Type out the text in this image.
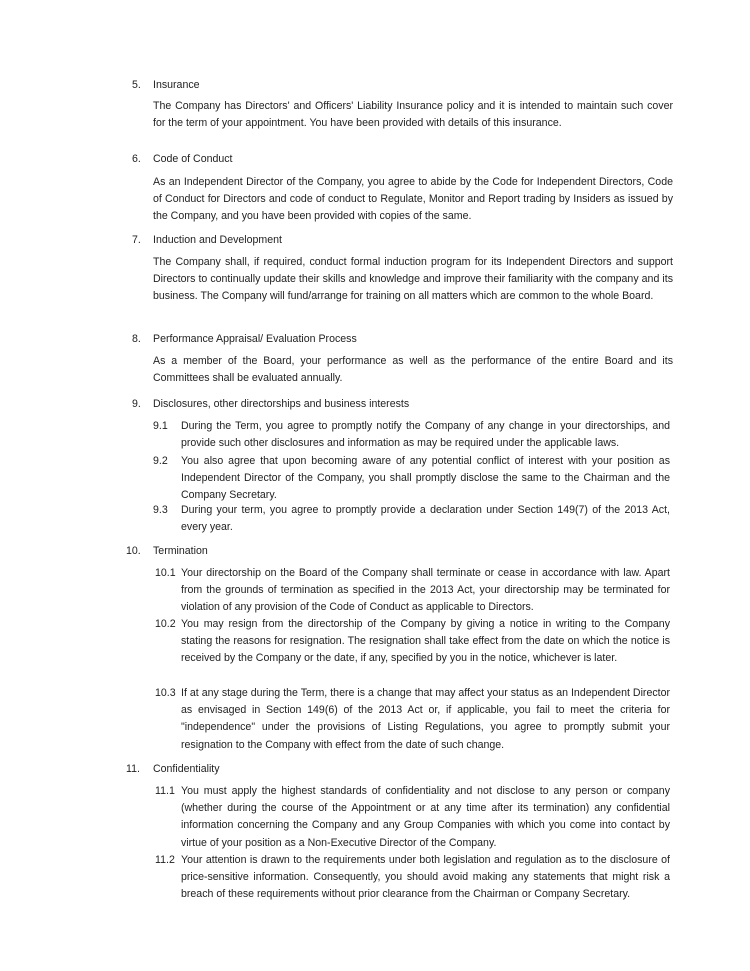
5.	Insurance
The Company has Directors' and Officers' Liability Insurance policy and it is intended to maintain such cover for the term of your appointment. You have been provided with details of this insurance.
6.	Code of Conduct
As an Independent Director of the Company, you agree to abide by the Code for Independent Directors, Code of Conduct for Directors and code of conduct to Regulate, Monitor and Report trading by Insiders as issued by the Company, and you have been provided with copies of the same.
7.	Induction and Development
The Company shall, if required, conduct formal induction program for its Independent Directors and support Directors to continually update their skills and knowledge and improve their familiarity with the company and its business. The Company will fund/arrange for training on all matters which are common to the whole Board.
8.	Performance Appraisal/ Evaluation Process
As a member of the Board, your performance as well as the performance of the entire Board and its Committees shall be evaluated annually.
9.	Disclosures, other directorships and business interests
9.1	During the Term, you agree to promptly notify the Company of any change in your directorships, and provide such other disclosures and information as may be required under the applicable laws.
9.2	You also agree that upon becoming aware of any potential conflict of interest with your position as Independent Director of the Company, you shall promptly disclose the same to the Chairman and the Company Secretary.
9.3	During your term, you agree to promptly provide a declaration under Section 149(7) of the 2013 Act, every year.
10.	Termination
10.1 Your directorship on the Board of the Company shall terminate or cease in accordance with law. Apart from the grounds of termination as specified in the 2013 Act, your directorship may be terminated for violation of any provision of the Code of Conduct as applicable to Directors.
10.2 You may resign from the directorship of the Company by giving a notice in writing to the Company stating the reasons for resignation. The resignation shall take effect from the date on which the notice is received by the Company or the date, if any, specified by you in the notice, whichever is later.
10.3 If at any stage during the Term, there is a change that may affect your status as an Independent Director as envisaged in Section 149(6) of the 2013 Act or, if applicable, you fail to meet the criteria for "independence" under the provisions of Listing Regulations, you agree to promptly submit your resignation to the Company with effect from the date of such change.
11.	Confidentiality
11.1 You must apply the highest standards of confidentiality and not disclose to any person or company (whether during the course of the Appointment or at any time after its termination) any confidential information concerning the Company and any Group Companies with which you come into contact by virtue of your position as a Non-Executive Director of the Company.
11.2 Your attention is drawn to the requirements under both legislation and regulation as to the disclosure of price-sensitive information. Consequently, you should avoid making any statements that might risk a breach of these requirements without prior clearance from the Chairman or Company Secretary.
